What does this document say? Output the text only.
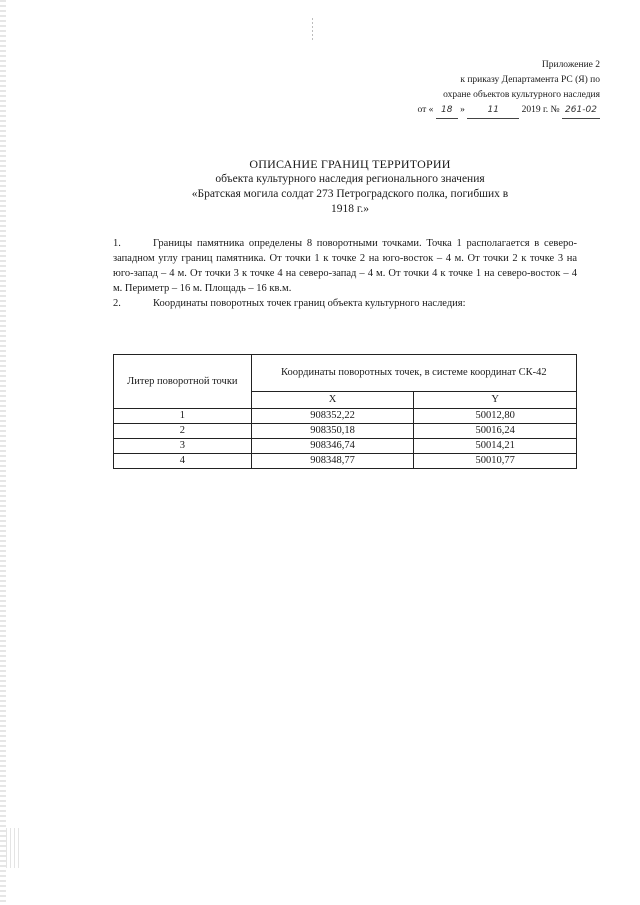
Приложение 2
к приказу Департамента РС (Я) по
охране объектов культурного наследия
от « 18 »	11 2019 г. № 261-02
ОПИСАНИЕ ГРАНИЦ ТЕРРИТОРИИ
объекта культурного наследия регионального значения
«Братская могила солдат 273 Петроградского полка, погибших в
1918 г.»
1.	Границы памятника определены 8 поворотными точками. Точка 1 располагается в северо-западном углу границ памятника. От точки 1 к точке 2 на юго-восток – 4 м. От точки 2 к точке 3 на юго-запад – 4 м. От точки 3 к точке 4 на северо-запад – 4 м. От точки 4 к точке 1 на северо-восток – 4 м. Периметр – 16 м. Площадь – 16 кв.м.
2.	Координаты поворотных точек границ объекта культурного наследия:
Литер поворотной точки	Координаты поворотных точек, в системе координат СК-42	
	X	Y
1	908352,22	50012,80
2	908350,18	50016,24
3	908346,74	50014,21
4	908348,77	50010,77
